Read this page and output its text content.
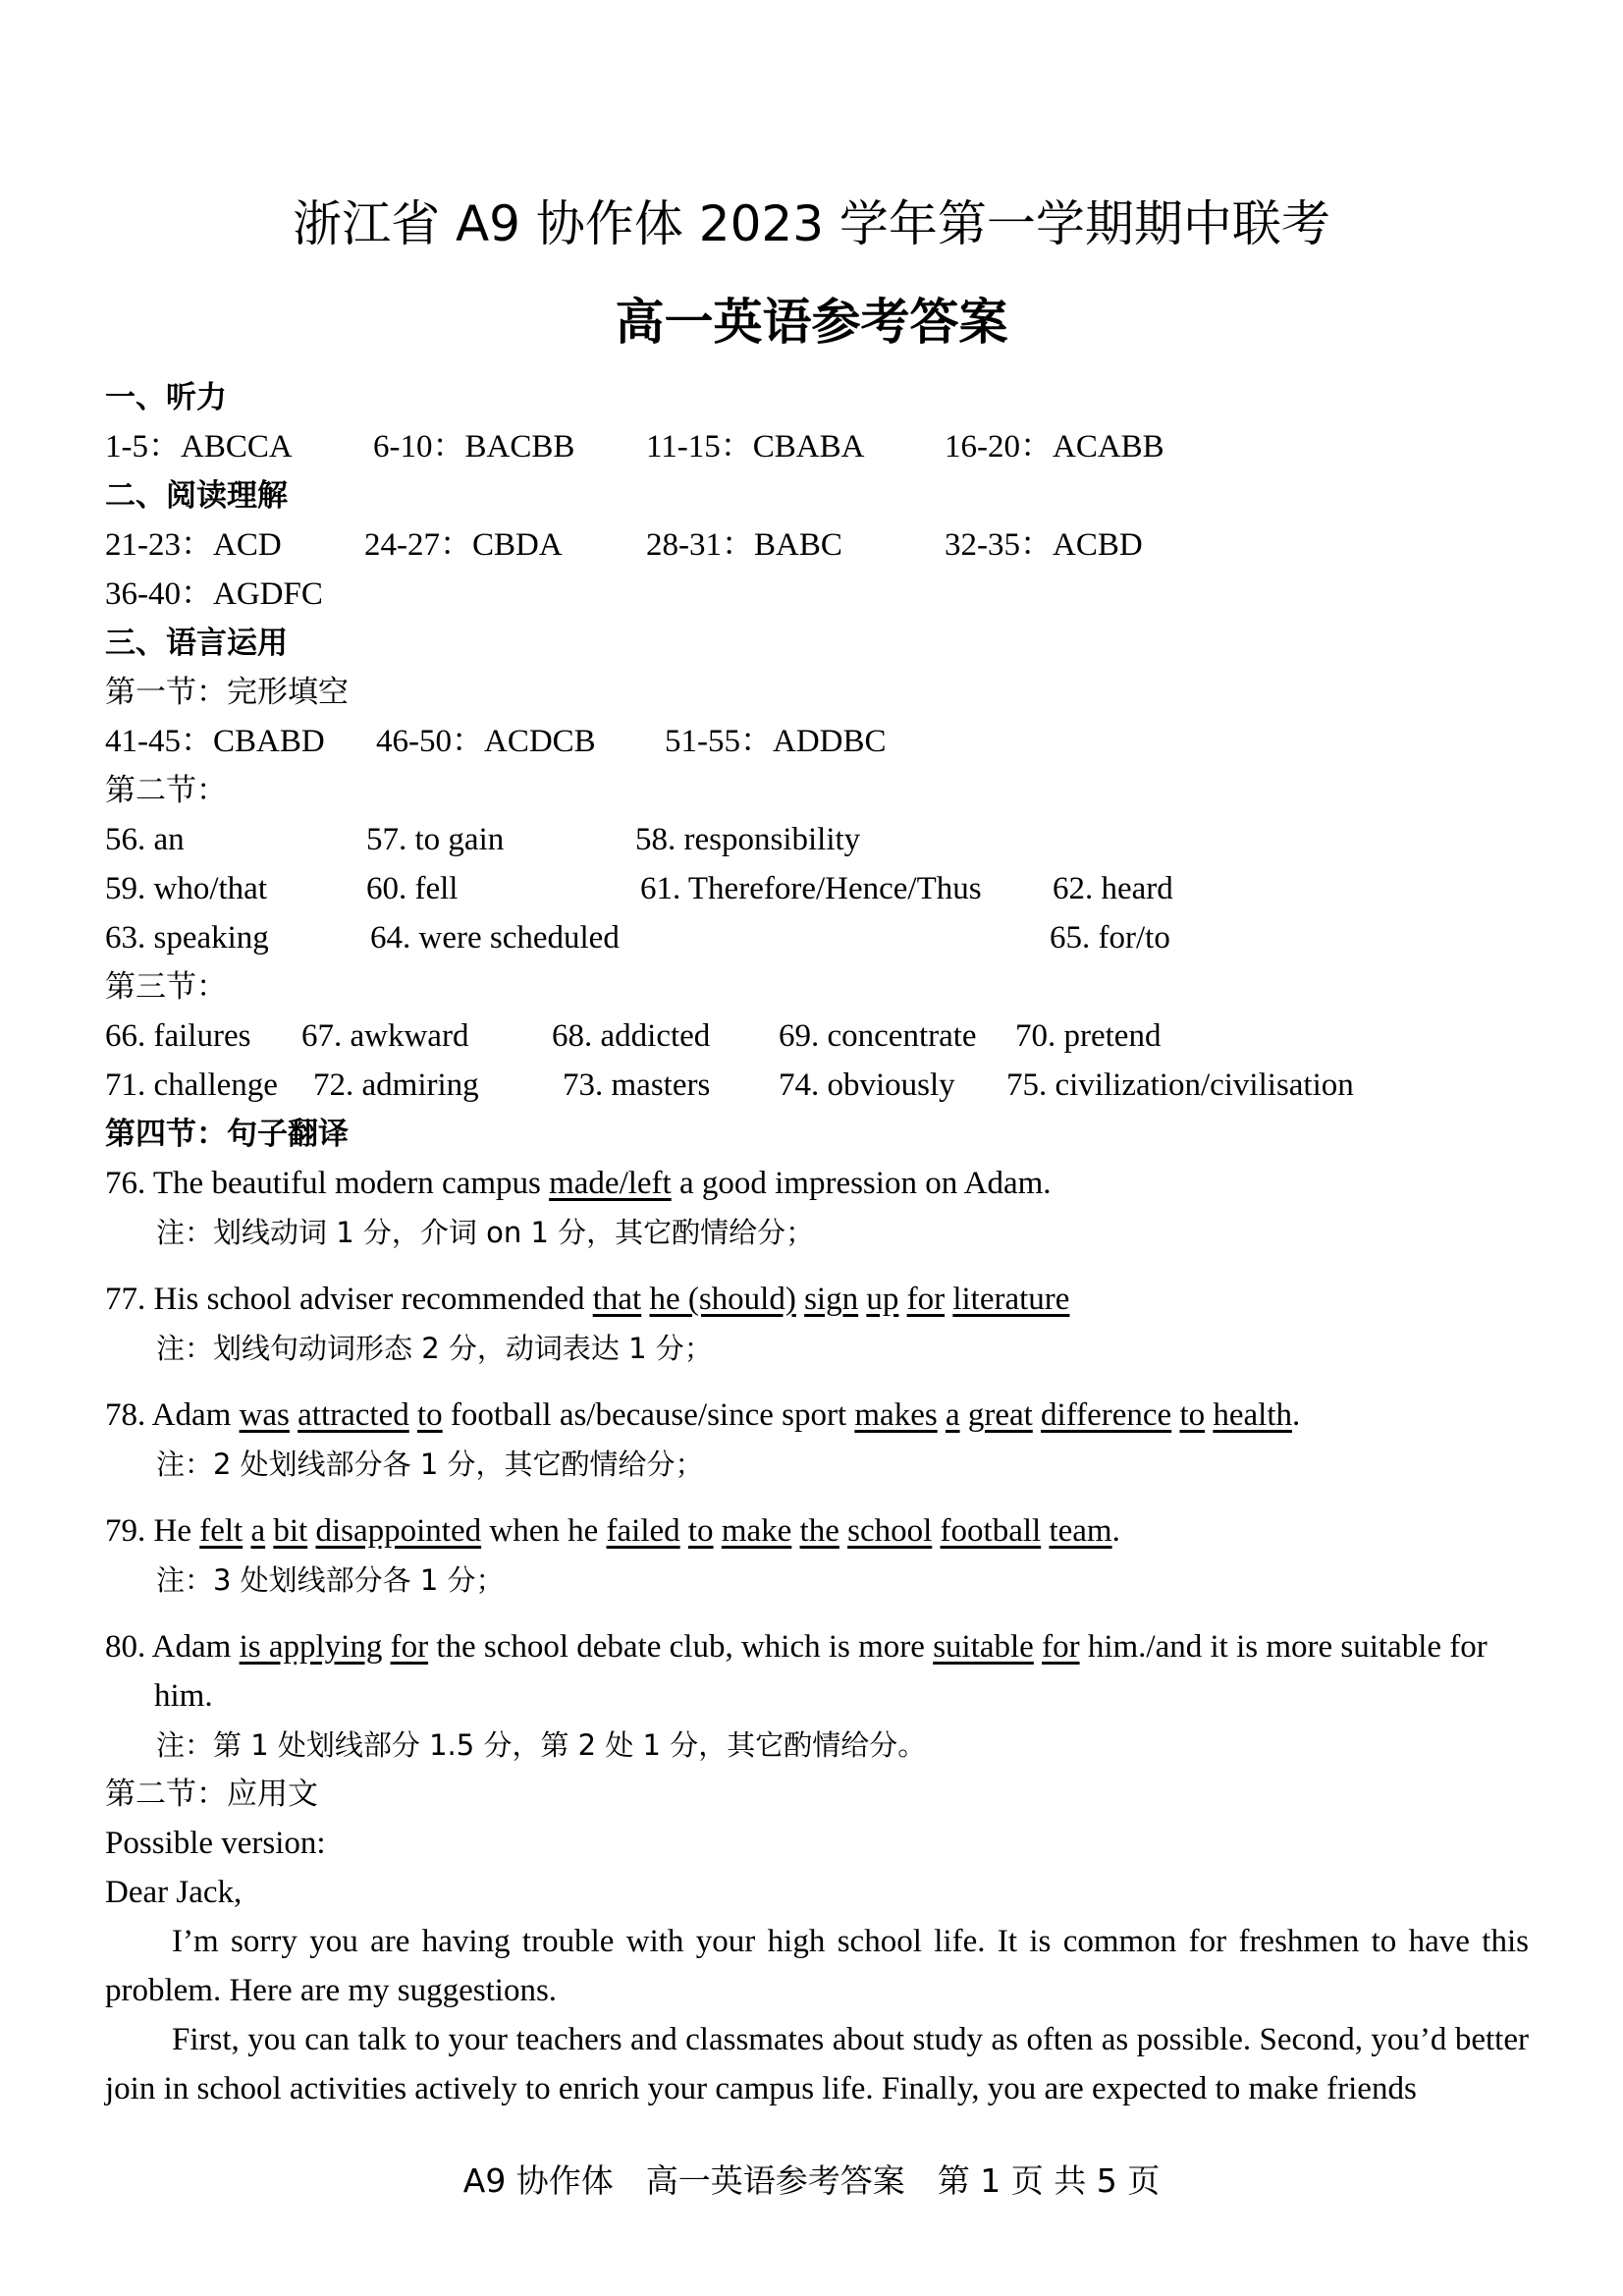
浙江省 A9 协作体 2023 学年第一学期期中联考
高一英语参考答案
一、听力
1-5：ABCCA 6-10：BACBB 11-15：CBABA 16-20：ACABB
二、阅读理解
21-23：ACD	24-27：CBDA	28-31：BABC	32-35：ACBD
36-40：AGDFC
三、语言运用
第一节：完形填空
41-45：CBABD 46-50：ACDCB 51-55：ADDBC
第二节：
56. an	57. to gain	58. responsibility
59. who/that	60. fell	61. Therefore/Hence/Thus 62. heard
63. speaking	64. were scheduled	65. for/to
第三节：
66. failures 67. awkward	68. addicted 69. concentrate 70. pretend
71. challenge 72. admiring	73. masters 74. obviously 75. civilization/civilisation
第四节：句子翻译
76. The beautiful modern campus made/left a good impression on Adam.
注：划线动词 1 分，介词 on 1 分，其它酌情给分；
77. His school adviser recommended that he (should) sign up for literature
注：划线句动词形态 2 分，动词表达 1 分；
78. Adam was attracted to football as/because/since sport makes a great difference to health.
注：2 处划线部分各 1 分，其它酌情给分；
79. He felt a bit disappointed when he failed to make the school football team.
注：3 处划线部分各 1 分；
80. Adam is applying for the school debate club, which is more suitable for him./and it is more suitable for him.
注：第 1 处划线部分 1.5 分，第 2 处 1 分，其它酌情给分。
第二节：应用文
Possible version:
Dear Jack,
I’m sorry you are having trouble with your high school life. It is common for freshmen to have this problem. Here are my suggestions.
First, you can talk to your teachers and classmates about study as often as possible. Second, you’d better join in school activities actively to enrich your campus life. Finally, you are expected to make friends
A9 协作体　高一英语参考答案　第 1 页 共 5 页
